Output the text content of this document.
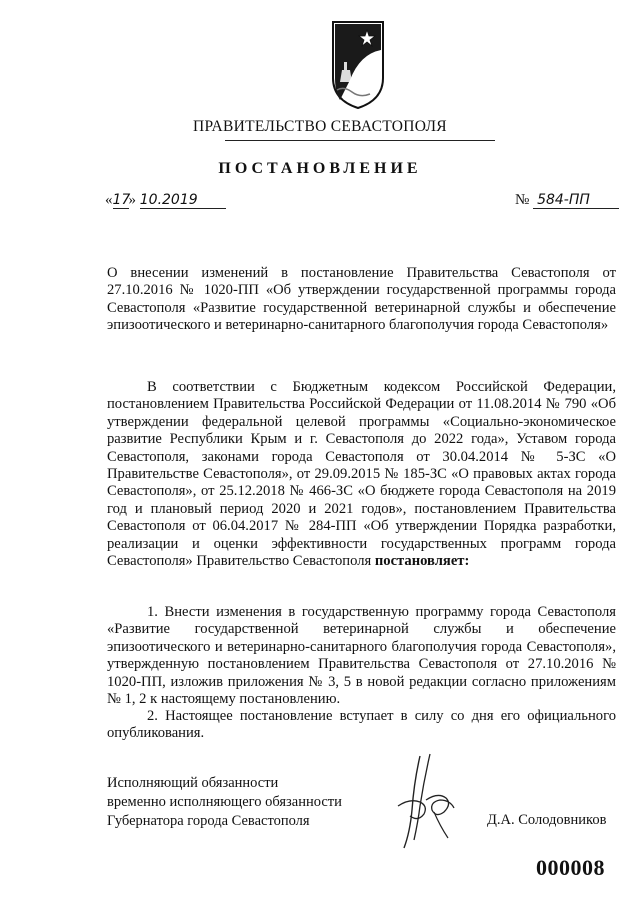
ПРАВИТЕЛЬСТВО СЕВАСТОПОЛЯ
ПОСТАНОВЛЕНИЕ
«17» 10.2019	№ 584-ПП
О внесении изменений в постановление Правительства Севастополя от 27.10.2016 № 1020-ПП «Об утверждении государственной программы города Севастополя «Развитие государственной ветеринарной службы и обеспечение эпизоотического и ветеринарно-санитарного благополучия города Севастополя»
В соответствии с Бюджетным кодексом Российской Федерации, постановлением Правительства Российской Федерации от 11.08.2014 № 790 «Об утверждении федеральной целевой программы «Социально-экономическое развитие Республики Крым и г. Севастополя до 2022 года», Уставом города Севастополя, законами города Севастополя от 30.04.2014 № 5-ЗС «О Правительстве Севастополя», от 29.09.2015 № 185-ЗС «О правовых актах города Севастополя», от 25.12.2018 № 466-ЗС «О бюджете города Севастополя на 2019 год и плановый период 2020 и 2021 годов», постановлением Правительства Севастополя от 06.04.2017 № 284-ПП «Об утверждении Порядка разработки, реализации и оценки эффективности государственных программ города Севастополя» Правительство Севастополя постановляет:
1. Внести изменения в государственную программу города Севастополя «Развитие государственной ветеринарной службы и обеспечение эпизоотического и ветеринарно-санитарного благополучия города Севастополя», утвержденную постановлением Правительства Севастополя от 27.10.2016 № 1020-ПП, изложив приложения № 3, 5 в новой редакции согласно приложениям № 1, 2 к настоящему постановлению.
2. Настоящее постановление вступает в силу со дня его официального опубликования.
Исполняющий обязанности
временно исполняющего обязанности
Губернатора города Севастополя	Д.А. Солодовников
000008
